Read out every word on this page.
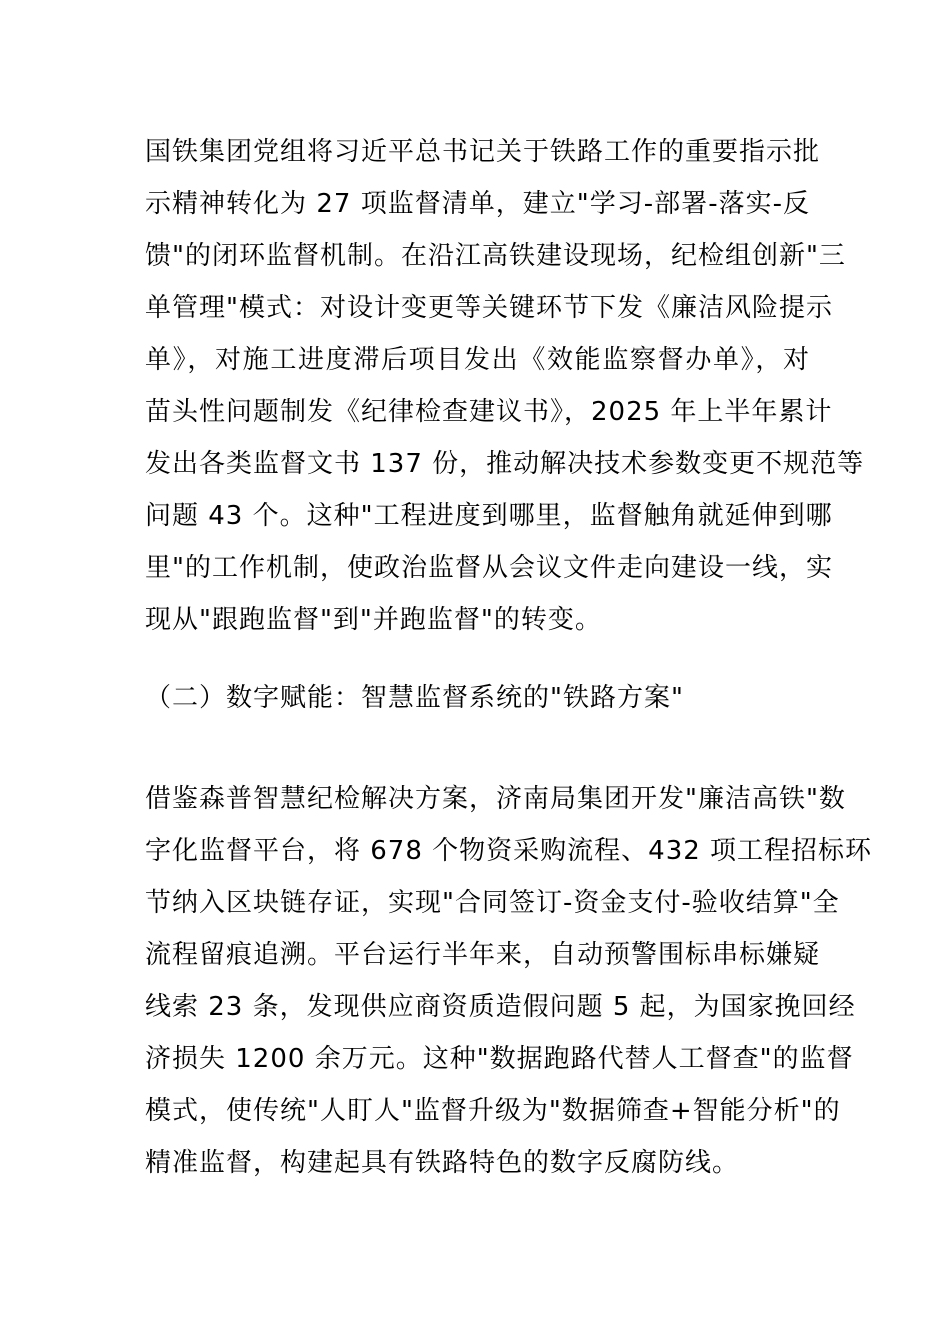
国铁集团党组将习近平总书记关于铁路工作的重要指示批
示精神转化为 27 项监督清单，建立"学习-部署-落实-反
馈"的闭环监督机制。在沿江高铁建设现场，纪检组创新"三
单管理"模式：对设计变更等关键环节下发《廉洁风险提示
单》，对施工进度滞后项目发出《效能监察督办单》，对
苗头性问题制发《纪律检查建议书》，2025 年上半年累计
发出各类监督文书 137 份，推动解决技术参数变更不规范等
问题 43 个。这种"工程进度到哪里，监督触角就延伸到哪
里"的工作机制，使政治监督从会议文件走向建设一线，实
现从"跟跑监督"到"并跑监督"的转变。
（二）数字赋能：智慧监督系统的"铁路方案"
借鉴森普智慧纪检解决方案，济南局集团开发"廉洁高铁"数
字化监督平台，将 678 个物资采购流程、432 项工程招标环
节纳入区块链存证，实现"合同签订-资金支付-验收结算"全
流程留痕追溯。平台运行半年来，自动预警围标串标嫌疑
线索 23 条，发现供应商资质造假问题 5 起，为国家挽回经
济损失 1200 余万元。这种"数据跑路代替人工督查"的监督
模式，使传统"人盯人"监督升级为"数据筛查+智能分析"的
精准监督，构建起具有铁路特色的数字反腐防线。
